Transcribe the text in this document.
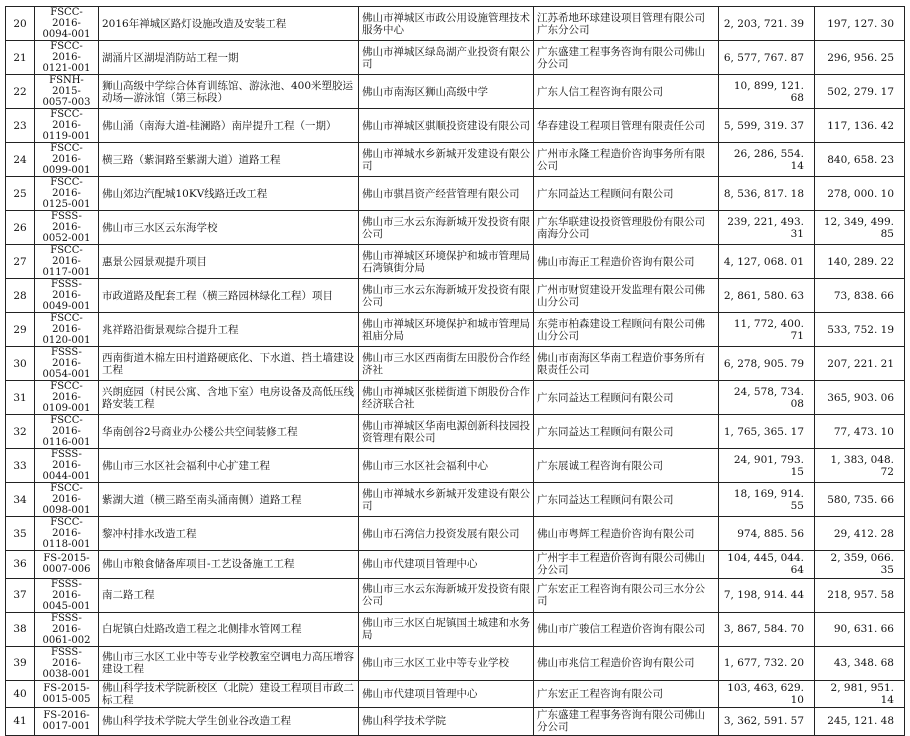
20	FSCC-2016-0094-001	2016年禅城区路灯设施改造及安装工程	佛山市禅城区市政公用设施管理技术服务中心	江苏希地环球建设项目管理有限公司广东分公司	2, 203, 721. 39	197, 127. 30
21	FSCC-2016-0121-001	湖涌片区湖堤消防站工程一期	佛山市禅城区绿岛湖产业投资有限公司	广东盛建工程事务咨询有限公司佛山分公司	6, 577, 767. 87	296, 956. 25
22	FSNH-2015-0057-003	狮山高级中学综合体育训练馆、游泳池、400米塑胶运动场—游泳馆（第三标段）	佛山市南海区狮山高级中学	广东人信工程咨询有限公司	10, 899, 121. 68	502, 279. 17
23	FSCC-2016-0119-001	佛山涌（南海大道-桂澜路）南岸提升工程（一期）	佛山市禅城区骐顺投资建设有限公司	华春建设工程项目管理有限责任公司	5, 599, 319. 37	117, 136. 42
24	FSCC-2016-0099-001	横三路（紫洞路至紫湖大道）道路工程	佛山市禅城水乡新城开发建设有限公司	广州市永隆工程造价咨询事务所有限公司	26, 286, 554. 14	840, 658. 23
25	FSCC-2016-0125-001	佛山郊边汽配城10KV线路迁改工程	佛山市骐昌资产经营管理有限公司	广东同益达工程顾问有限公司	8, 536, 817. 18	278, 000. 10
26	FSSS-2016-0052-001	佛山市三水区云东海学校	佛山市三水云东海新城开发投资有限公司	广东华联建设投资管理股份有限公司南海分公司	239, 221, 493. 31	12, 349, 499. 85
27	FSCC-2016-0117-001	惠景公园景观提升项目	佛山市禅城区环境保护和城市管理局石湾镇街分局	佛山市海正工程造价咨询有限公司	4, 127, 068. 01	140, 289. 22
28	FSSS-2016-0049-001	市政道路及配套工程（横三路园林绿化工程）项目	佛山市三水云东海新城开发投资有限公司	广州市财贸建设开发监理有限公司佛山分公司	2, 861, 580. 63	73, 838. 66
29	FSCC-2016-0120-001	兆祥路沿街景观综合提升工程	佛山市禅城区环境保护和城市管理局祖庙分局	东莞市柏森建设工程顾问有限公司佛山分公司	11, 772, 400. 71	533, 752. 19
30	FSSS-2016-0054-001	西南街道木棉左田村道路硬底化、下水道、挡土墙建设工程	佛山市三水区西南街左田股份合作经济社	佛山市南海区华南工程造价事务所有限责任公司	6, 278, 905. 79	207, 221. 21
31	FSCC-2016-0109-001	兴朗庭园（村民公寓、含地下室）电房设备及高低压线路安装工程	佛山市禅城区张槎街道下朗股份合作经济联合社	广东同益达工程顾问有限公司	24, 578, 734. 08	365, 903. 06
32	FSCC-2016-0116-001	华南创谷2号商业办公楼公共空间装修工程	佛山市禅城区华南电源创新科技园投资管理有限公司	广东同益达工程顾问有限公司	1, 765, 365. 17	77, 473. 10
33	FSSS-2016-0044-001	佛山市三水区社会福利中心扩建工程	佛山市三水区社会福利中心	广东展诚工程咨询有限公司	24, 901, 793. 15	1, 383, 048. 72
34	FSCC-2016-0098-001	紫湖大道（横三路至南头涌南侧）道路工程	佛山市禅城水乡新城开发建设有限公司	广东同益达工程顾问有限公司	18, 169, 914. 55	580, 735. 66
35	FSCC-2016-0118-001	黎冲村排水改造工程	佛山市石湾信力投资发展有限公司	佛山市粤辉工程造价咨询有限公司	974, 885. 56	29, 412. 28
36	FS-2015-0007-006	佛山市粮食储备库项目-工艺设备施工工程	佛山市代建项目管理中心	广州宇丰工程造价咨询有限公司佛山分公司	104, 445, 044. 64	2, 359, 066. 35
37	FSSS-2016-0045-001	南二路工程	佛山市三水云东海新城开发投资有限公司	广东宏正工程咨询有限公司三水分公司	7, 198, 914. 44	218, 957. 58
38	FSSS-2016-0061-002	白坭镇白灶路改造工程之北侧排水管网工程	佛山市三水区白坭镇国土城建和水务局	佛山市广骏信工程造价咨询有限公司	3, 867, 584. 70	90, 631. 66
39	FSSS-2016-0038-001	佛山市三水区工业中等专业学校教室空调电力高压增容建设工程	佛山市三水区工业中等专业学校	佛山市兆信工程造价咨询有限公司	1, 677, 732. 20	43, 348. 68
40	FS-2015-0015-005	佛山科学技术学院新校区（北院）建设工程项目市政二标工程	佛山市代建项目管理中心	广东宏正工程咨询有限公司	103, 463, 629. 10	2, 981, 951. 14
41	FS-2016-0017-001	佛山科学技术学院大学生创业谷改造工程	佛山科学技术学院	广东盛建工程事务咨询有限公司佛山分公司	3, 362, 591. 57	245, 121. 48
